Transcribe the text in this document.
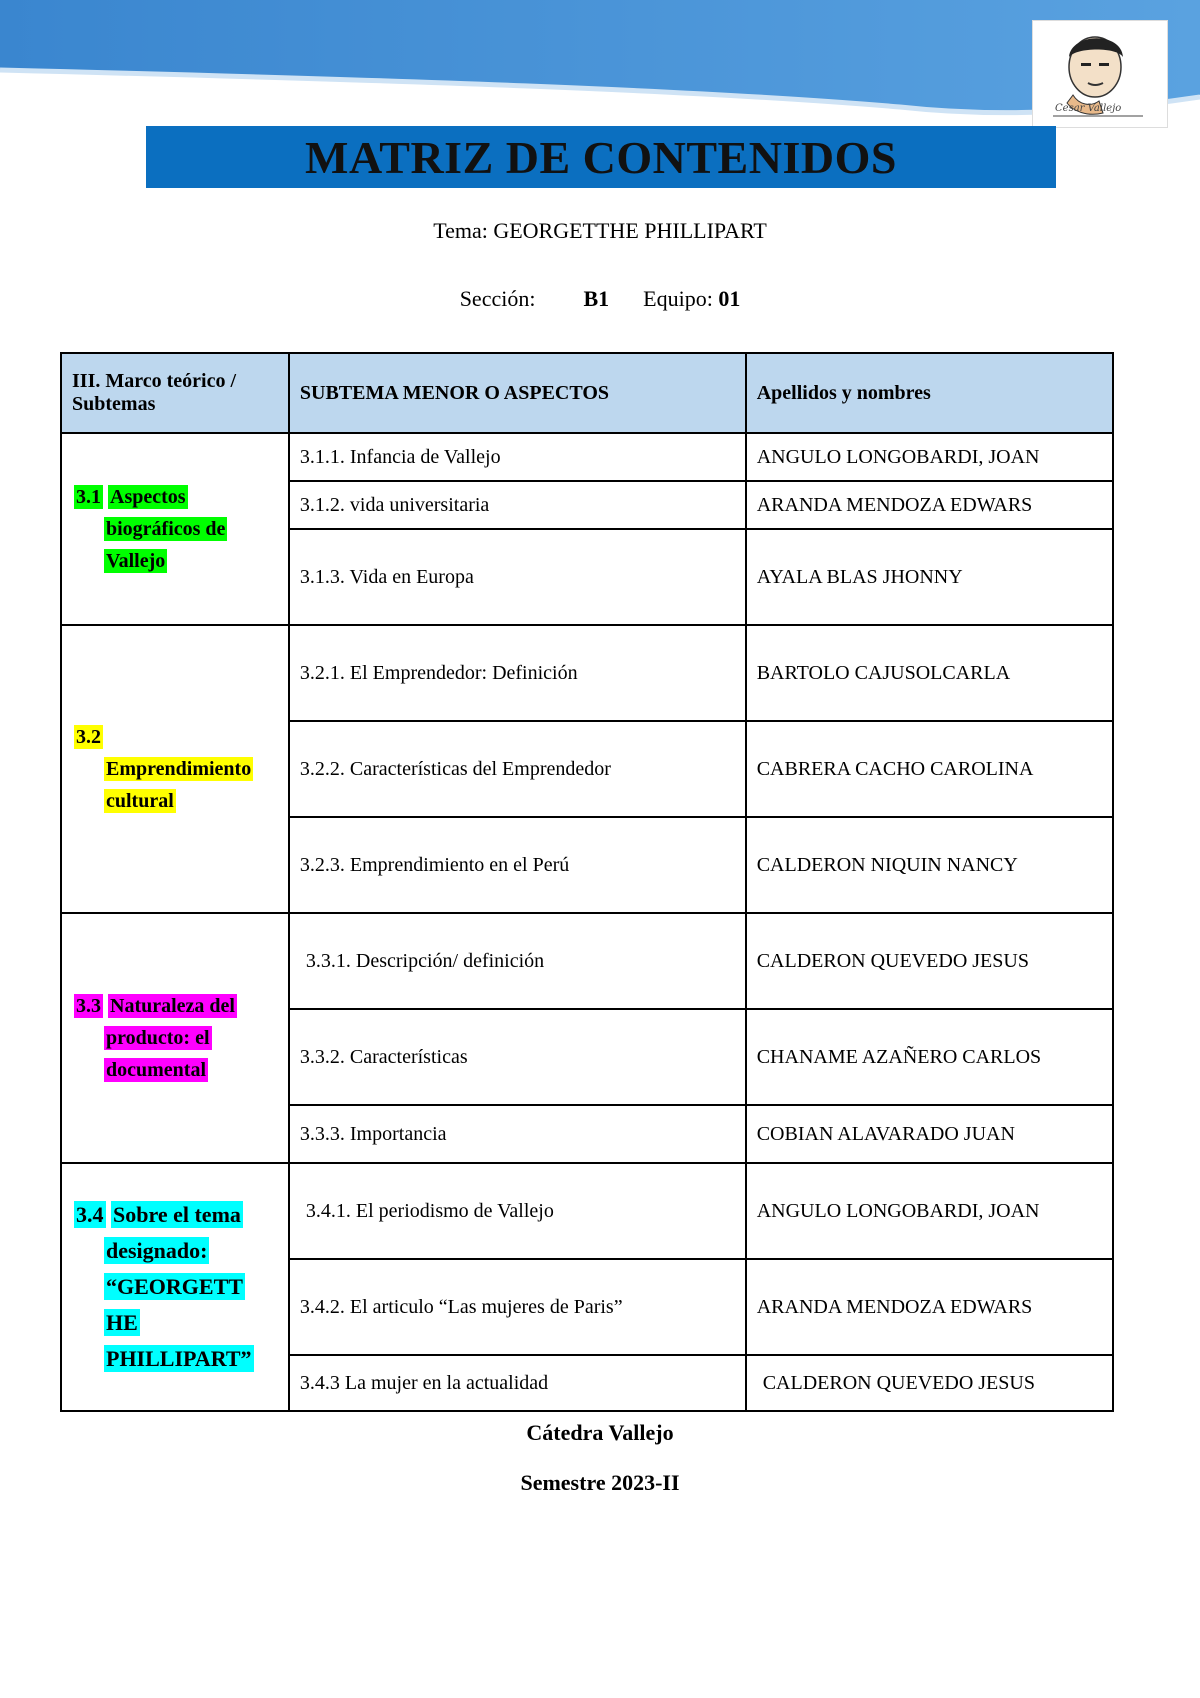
Cesar Vallejo
MATRIZ DE CONTENIDOS
Tema: GEORGETTHE PHILLIPART
Sección: B1 Equipo: 01
III. Marco teórico / Subtemas	SUBTEMA MENOR O ASPECTOS	Apellidos y nombres
3.1 Aspectos
biográficos de
Vallejo	3.1.1. Infancia de Vallejo	ANGULO LONGOBARDI, JOAN
	3.1.2. vida universitaria	ARANDA MENDOZA EDWARS
	3.1.3. Vida en Europa	AYALA BLAS JHONNY
3.2
Emprendimiento
cultural	3.2.1. El Emprendedor: Definición	BARTOLO CAJUSOLCARLA
	3.2.2. Características del Emprendedor	CABRERA CACHO CAROLINA
	3.2.3. Emprendimiento en el Perú	CALDERON NIQUIN NANCY
3.3 Naturaleza del
producto: el
documental	3.3.1. Descripción/ definición	CALDERON QUEVEDO JESUS
	3.3.2. Características	CHANAME AZAÑERO CARLOS
	3.3.3. Importancia	COBIAN ALAVARADO JUAN
3.4 Sobre el tema
designado:
“GEORGETT
HE
PHILLIPART”	3.4.1. El periodismo de Vallejo	ANGULO LONGOBARDI, JOAN
	3.4.2. El articulo “Las mujeres de Paris”	ARANDA MENDOZA EDWARS
	3.4.3 La mujer en la actualidad	CALDERON QUEVEDO JESUS
Cátedra Vallejo
Semestre 2023-II
